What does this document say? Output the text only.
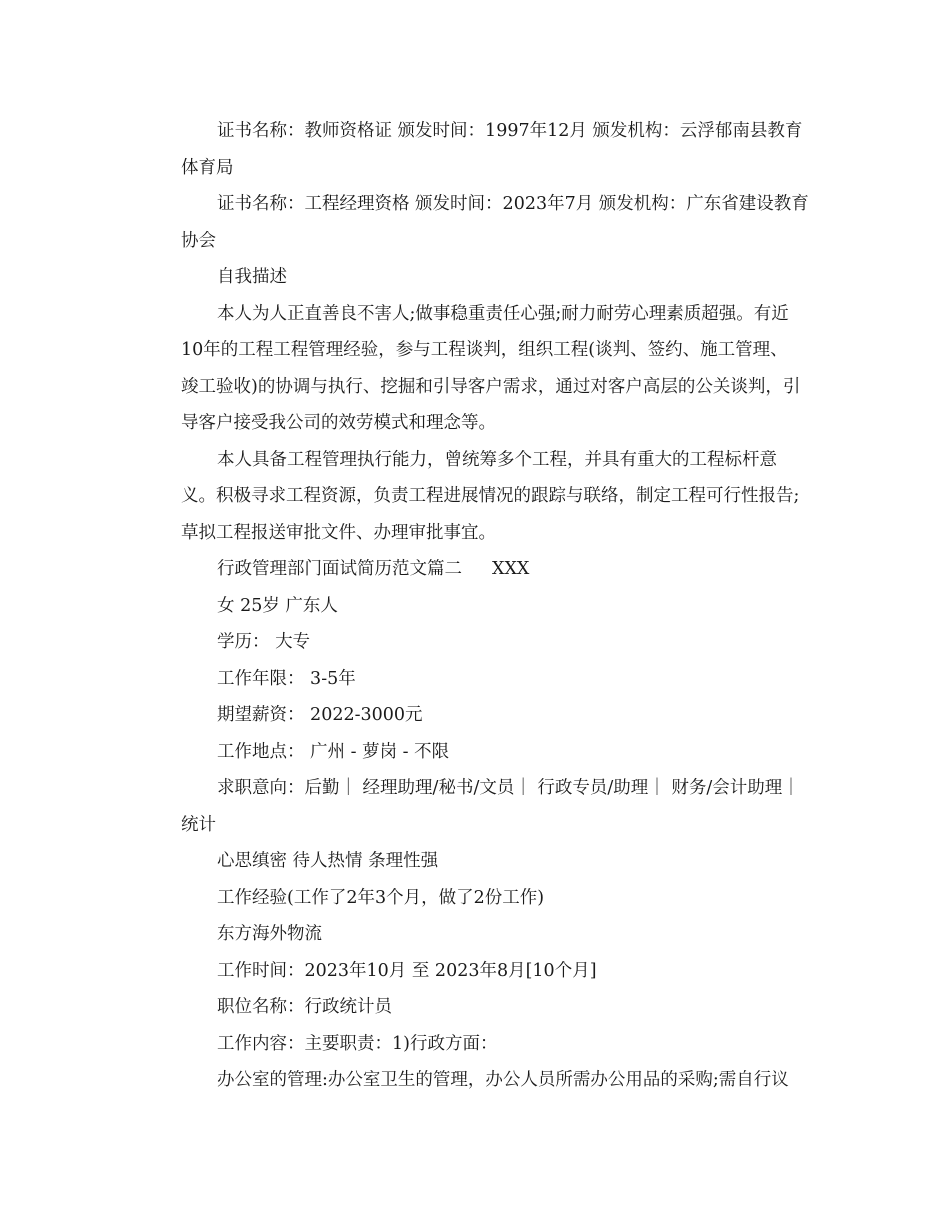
证书名称：教师资格证 颁发时间：1997年12月 颁发机构：云浮郁南县教育
体育局
证书名称：工程经理资格 颁发时间：2023年7月 颁发机构：广东省建设教育
协会
自我描述
本人为人正直善良不害人;做事稳重责任心强;耐力耐劳心理素质超强。有近
10年的工程工程管理经验，参与工程谈判，组织工程(谈判、签约、施工管理、
竣工验收)的协调与执行、挖掘和引导客户需求，通过对客户高层的公关谈判，引
导客户接受我公司的效劳模式和理念等。
本人具备工程管理执行能力，曾统筹多个工程，并具有重大的工程标杆意
义。积极寻求工程资源，负责工程进展情况的跟踪与联络，制定工程可行性报告;
草拟工程报送审批文件、办理审批事宜。
行政管理部门面试简历范文篇二 XXX
女 25岁 广东人
学历： 大专
工作年限： 3-5年
期望薪资： 2022-3000元
工作地点： 广州 - 萝岗 - 不限
求职意向：后勤｜ 经理助理/秘书/文员｜ 行政专员/助理｜ 财务/会计助理｜
统计
心思缜密 待人热情 条理性强
工作经验(工作了2年3个月，做了2份工作)
东方海外物流
工作时间：2023年10月 至 2023年8月[10个月]
职位名称：行政统计员
工作内容：主要职责：1)行政方面：
办公室的管理:办公室卫生的管理，办公人员所需办公用品的采购;需自行议
